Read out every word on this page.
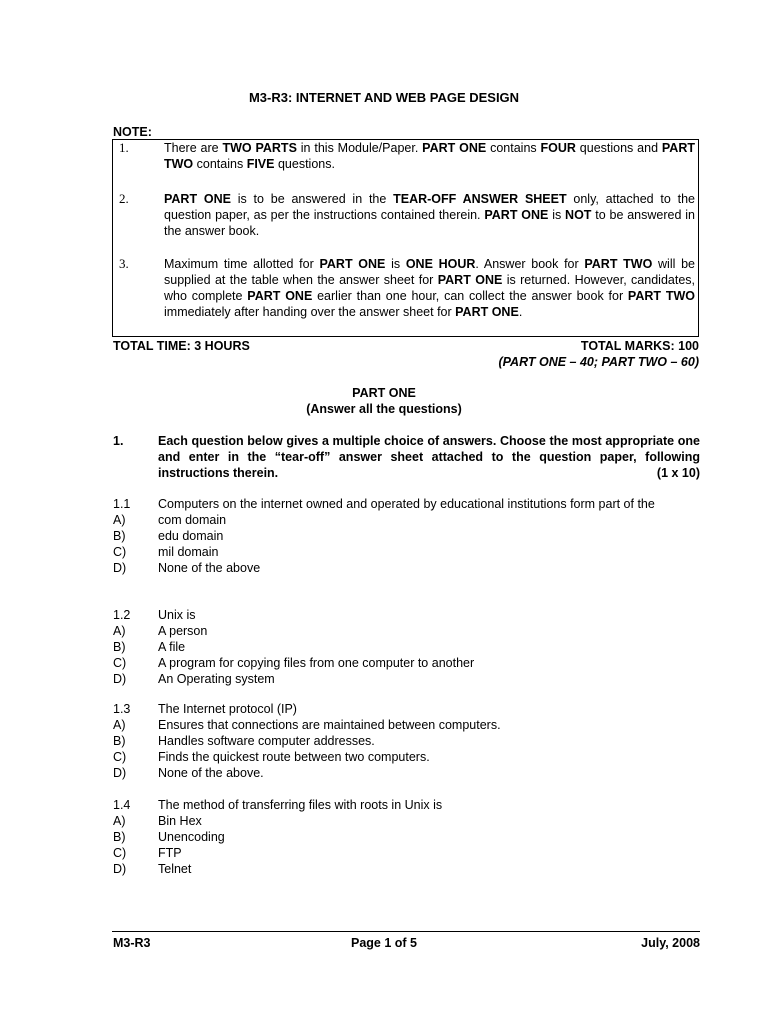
M3-R3: INTERNET AND WEB PAGE DESIGN
NOTE:
1.	There are TWO PARTS in this Module/Paper. PART ONE contains FOUR questions and PART TWO contains FIVE questions.
2.	PART ONE is to be answered in the TEAR-OFF ANSWER SHEET only, attached to the question paper, as per the instructions contained therein. PART ONE is NOT to be answered in the answer book.
3.	Maximum time allotted for PART ONE is ONE HOUR. Answer book for PART TWO will be supplied at the table when the answer sheet for PART ONE is returned. However, candidates, who complete PART ONE earlier than one hour, can collect the answer book for PART TWO immediately after handing over the answer sheet for PART ONE.
TOTAL TIME: 3 HOURS	TOTAL MARKS: 100
(PART ONE – 40; PART TWO – 60)
PART ONE
(Answer all the questions)
1.	Each question below gives a multiple choice of answers. Choose the most appropriate one and enter in the “tear-off” answer sheet attached to the question paper, following instructions therein.	(1 x 10)
1.1 Computers on the internet owned and operated by educational institutions form part of the
A)	com domain
B)	edu domain
C)	mil domain
D)	None of the above
1.2 Unix is
A)	A person
B)	A file
C)	A program for copying files from one computer to another
D)	An Operating system
1.3 The Internet protocol (IP)
A)	Ensures that connections are maintained between computers.
B)	Handles software computer addresses.
C)	Finds the quickest route between two computers.
D)	None of the above.
1.4 The method of transferring files with roots in Unix is
A)	Bin Hex
B)	Unencoding
C)	FTP
D)	Telnet
M3-R3	Page 1 of 5	July, 2008
